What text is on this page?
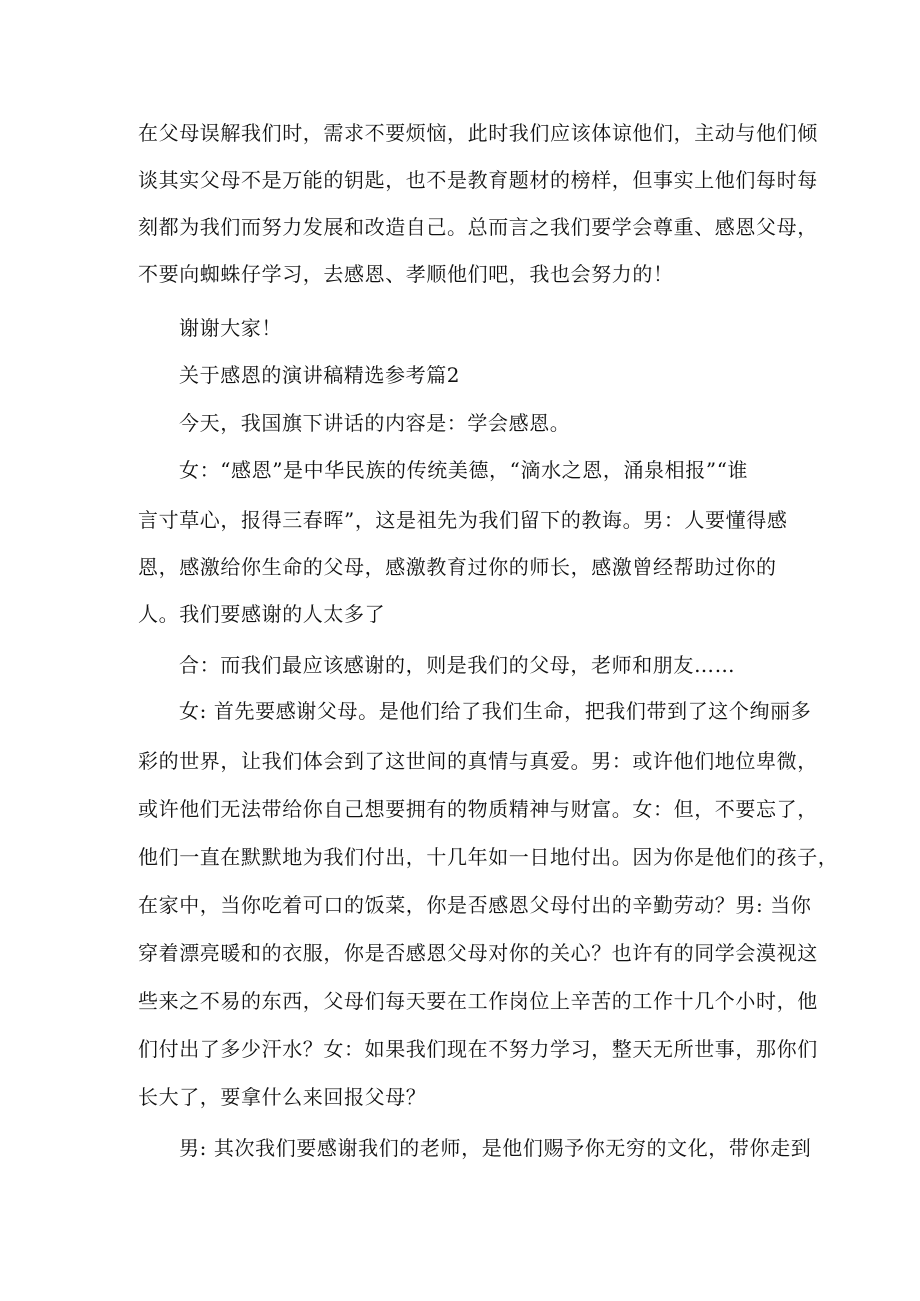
在父母误解我们时，需求不要烦恼，此时我们应该体谅他们，主动与他们倾
谈其实父母不是万能的钥匙，也不是教育题材的榜样，但事实上他们每时每
刻都为我们而努力发展和改造自己。总而言之我们要学会尊重、感恩父母，
不要向蜘蛛仔学习，去感恩、孝顺他们吧，我也会努力的！
谢谢大家！
关于感恩的演讲稿精选参考篇2
今天，我国旗下讲话的内容是：学会感恩。
女：“感恩”是中华民族的传统美德，“滴水之恩，涌泉相报”“谁
言寸草心，报得三春晖”，这是祖先为我们留下的教诲。男：人要懂得感
恩，感激给你生命的父母，感激教育过你的师长，感激曾经帮助过你的
人。我们要感谢的人太多了
合：而我们最应该感谢的，则是我们的父母，老师和朋友……
女: 首先要感谢父母。是他们给了我们生命，把我们带到了这个绚丽多
彩的世界，让我们体会到了这世间的真情与真爱。男：或许他们地位卑微，
或许他们无法带给你自己想要拥有的物质精神与财富。女：但，不要忘了，
他们一直在默默地为我们付出，十几年如一日地付出。因为你是他们的孩子，
在家中，当你吃着可口的饭菜，你是否感恩父母付出的辛勤劳动？男: 当你
穿着漂亮暖和的衣服，你是否感恩父母对你的关心？也许有的同学会漠视这
些来之不易的东西，父母们每天要在工作岗位上辛苦的工作十几个小时，他
们付出了多少汗水？女：如果我们现在不努力学习，整天无所世事，那你们
长大了，要拿什么来回报父母？
男: 其次我们要感谢我们的老师，是他们赐予你无穷的文化，带你走到
